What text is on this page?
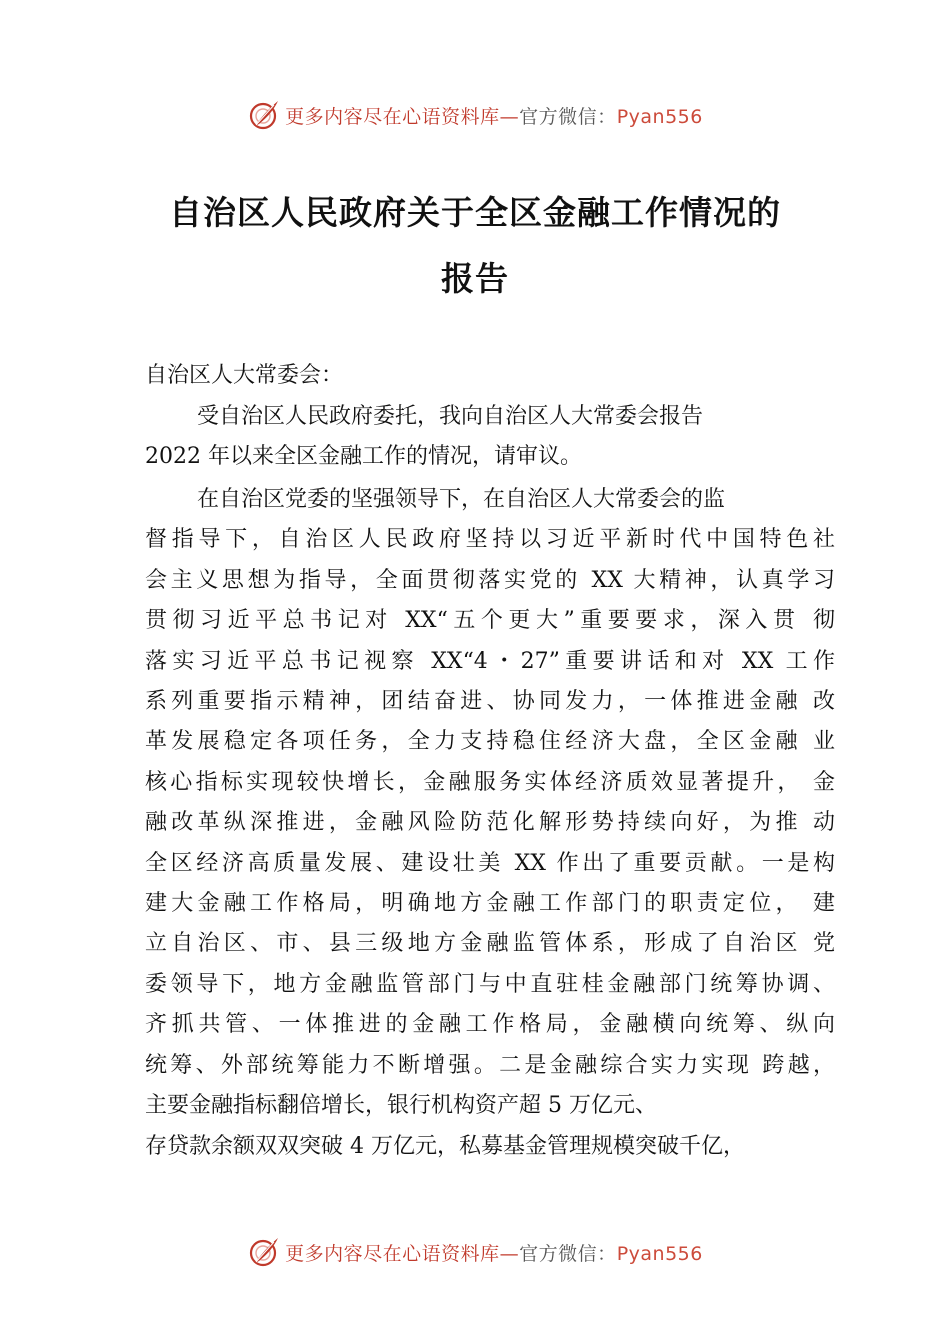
更多内容尽在心语资料库—官方微信：Pyan556
自治区人民政府关于全区金融工作情况的
报告

自治区人大常委会：

受自治区人民政府委托，我向自治区人大常委会报告
2022 年以来全区金融工作的情况，请审议。
在自治区党委的坚强领导下，在自治区人大常委会的监
督指导下，自治区人民政府坚持以习近平新时代中国特色社
会主义思想为指导，全面贯彻落实党的 XX 大精神，认真学习
贯彻习近平总书记对 XX“五个更大”重要要求，深入贯 彻
落实习近平总书记视察 XX“4・27”重要讲话和对 XX 工作
系列重要指示精神，团结奋进、协同发力，一体推进金融 改
革发展稳定各项任务，全力支持稳住经济大盘，全区金融 业
核心指标实现较快增长，金融服务实体经济质效显著提升， 金
融改革纵深推进，金融风险防范化解形势持续向好，为推 动
全区经济高质量发展、建设壮美 XX 作出了重要贡献。一是构
建大金融工作格局，明确地方金融工作部门的职责定位， 建
立自治区、市、县三级地方金融监管体系，形成了自治区 党
委领导下，地方金融监管部门与中直驻桂金融部门统筹协调、
齐抓共管、一体推进的金融工作格局，金融横向统筹、纵向
统筹、外部统筹能力不断增强。二是金融综合实力实现 跨越，
主要金融指标翻倍增长，银行机构资产超 5 万亿元、
存贷款余额双双突破 4 万亿元，私募基金管理规模突破千亿，
更多内容尽在心语资料库—官方微信：Pyan556
